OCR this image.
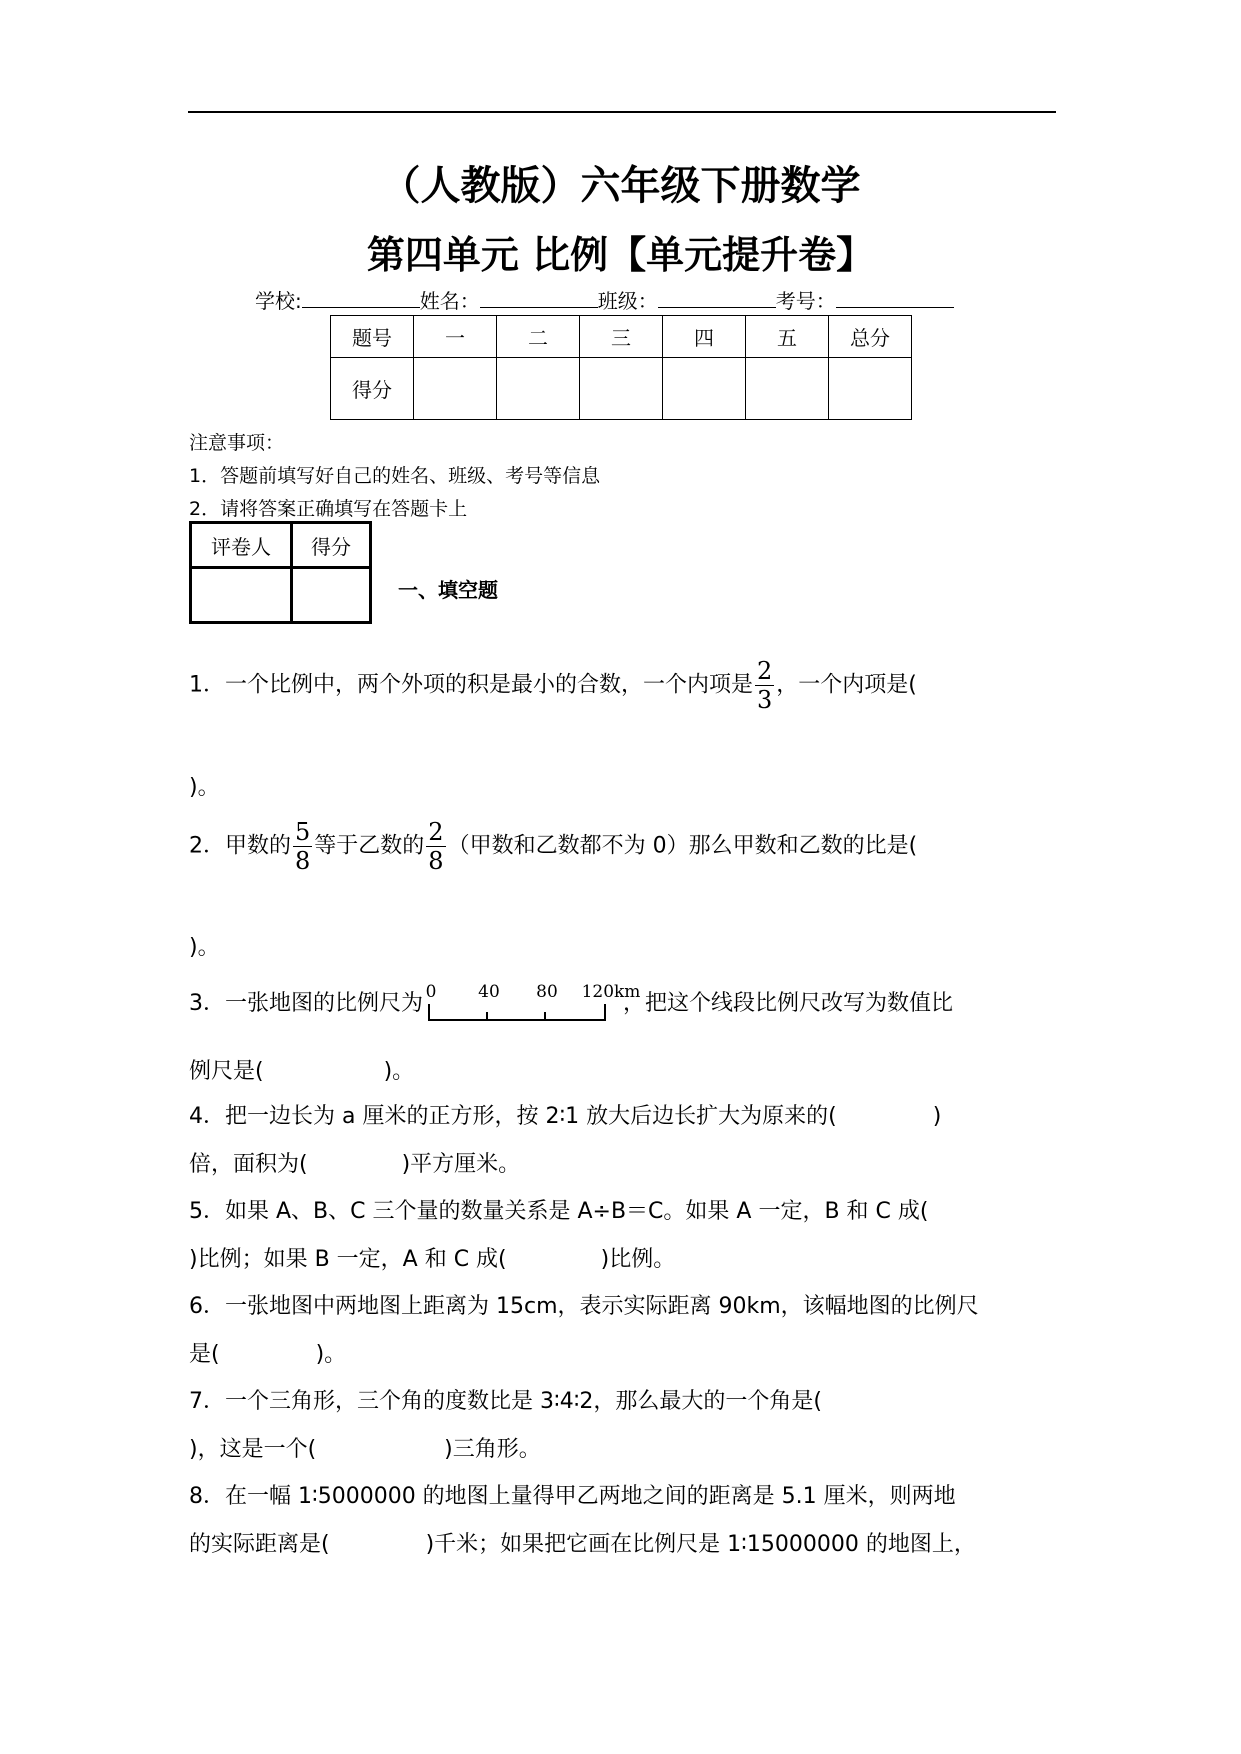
（人教版）六年级下册数学
第四单元 比例【单元提升卷】
学校:	姓名：	班级：	考号：
题号	一	二	三	四	五	总分
得分						
注意事项：
1．答题前填写好自己的姓名、班级、考号等信息
2．请将答案正确填写在答题卡上
评卷人	得分

一、填空题
1．一个比例中，两个外项的积是最小的合数，一个内项是 $\frac{2}{3}$ ，一个内项是(
)。
2．甲数的 $\frac{5}{8}$ 等于乙数的 $\frac{2}{8}$ （甲数和乙数都不为 0）那么甲数和乙数的比是(
)。
3．一张地图的比例尺为 0 40 80 120km
，把这个线段比例尺改写为数值比
例尺是(	)。
4．把一边长为 a 厘米的正方形，按 2∶1 放大后边长扩大为原来的(	)
倍，面积为(	)平方厘米。
5．如果 A、B、C 三个量的数量关系是 A÷B＝C。如果 A 一定，B 和 C 成(
)比例；如果 B 一定，A 和 C 成(	)比例。
6．一张地图中两地图上距离为 15cm，表示实际距离 90km，该幅地图的比例尺
是(	)。
7．一个三角形，三个角的度数比是 3∶4∶2，那么最大的一个角是(
)，这是一个(	)三角形。
8．在一幅 1∶5000000 的地图上量得甲乙两地之间的距离是 5.1 厘米，则两地
的实际距离是(	)千米；如果把它画在比例尺是 1∶15000000 的地图上，
